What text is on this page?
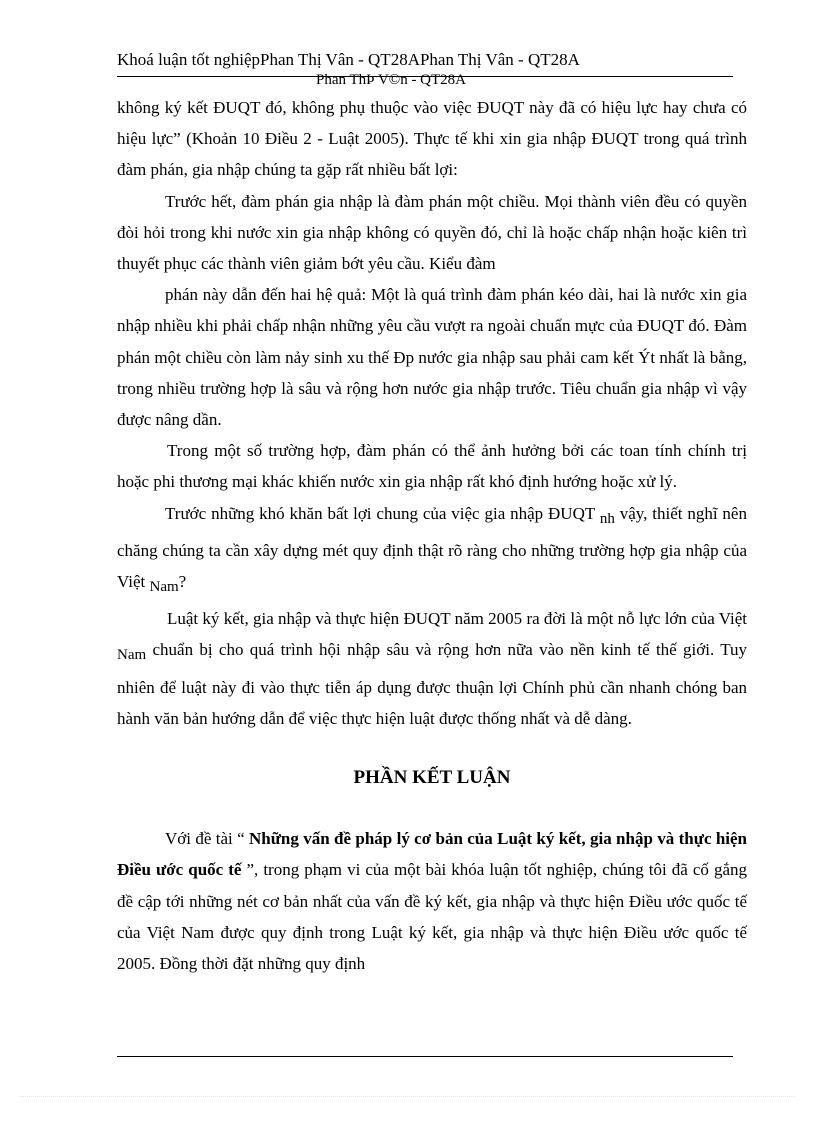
Khoá luận tốt nghiệpPhan Thị Vân - QT28APhan Thị Vân - QT28A
Phan ThÞ V©n - QT28A

không ký kết ĐUQT đó, không phụ thuộc vào việc ĐUQT này đã có hiệu lực hay chưa có hiệu lực” (Khoản 10 Điều 2 - Luật 2005). Thực tế khi xin gia nhập ĐUQT trong quá trình đàm phán, gia nhập chúng ta gặp rất nhiều bất lợi:

Trước hết, đàm phán gia nhập là đàm phán một chiều. Mọi thành viên đều có quyền đòi hỏi trong khi nước xin gia nhập không có quyền đó, chỉ là hoặc chấp nhận hoặc kiên trì thuyết phục các thành viên giảm bớt yêu cầu. Kiểu đàm

phán này dẫn đến hai hệ quả: Một là quá trình đàm phán kéo dài, hai là nước xin gia nhập nhiều khi phải chấp nhận những yêu cầu vượt ra ngoài chuẩn mực của ĐUQT đó. Đàm phán một chiều còn làm nảy sinh xu thế Đp nước gia nhập sau phải cam kết Ýt nhất là bằng, trong nhiều trường hợp là sâu và rộng hơn nước gia nhập trước. Tiêu chuẩn gia nhập vì vậy được nâng dần.

Trong một số trường hợp, đàm phán có thể ảnh hưởng bởi các toan tính chính trị hoặc phi thương mại khác khiến nước xin gia nhập rất khó định hướng hoặc xử lý.

Trước những khó khăn bất lợi chung của việc gia nhập ĐUQT nh vậy, thiết nghĩ nên chăng chúng ta cần xây dựng mét quy định thật rõ ràng cho những trường hợp gia nhập của Việt Nam?

Luật ký kết, gia nhập và thực hiện ĐUQT năm 2005 ra đời là một nỗ lực lớn của Việt Nam chuẩn bị cho quá trình hội nhập sâu và rộng hơn nữa vào nền kinh tế thế giới. Tuy nhiên để luật này đi vào thực tiễn áp dụng được thuận lợi Chính phủ cần nhanh chóng ban hành văn bản hướng dẫn để việc thực hiện luật được thống nhất và dễ dàng.

PHẦN KẾT LUẬN

Với đề tài “ Những vấn đề pháp lý cơ bản của Luật ký kết, gia nhập và thực hiện Điều ước quốc tế ”, trong phạm vi của một bài khóa luận tốt nghiệp, chúng tôi đã cố gắng đề cập tới những nét cơ bản nhất của vấn đề ký kết, gia nhập và thực hiện Điều ước quốc tế của Việt Nam được quy định trong Luật ký kết, gia nhập và thực hiện Điều ước quốc tế 2005. Đồng thời đặt những quy định
